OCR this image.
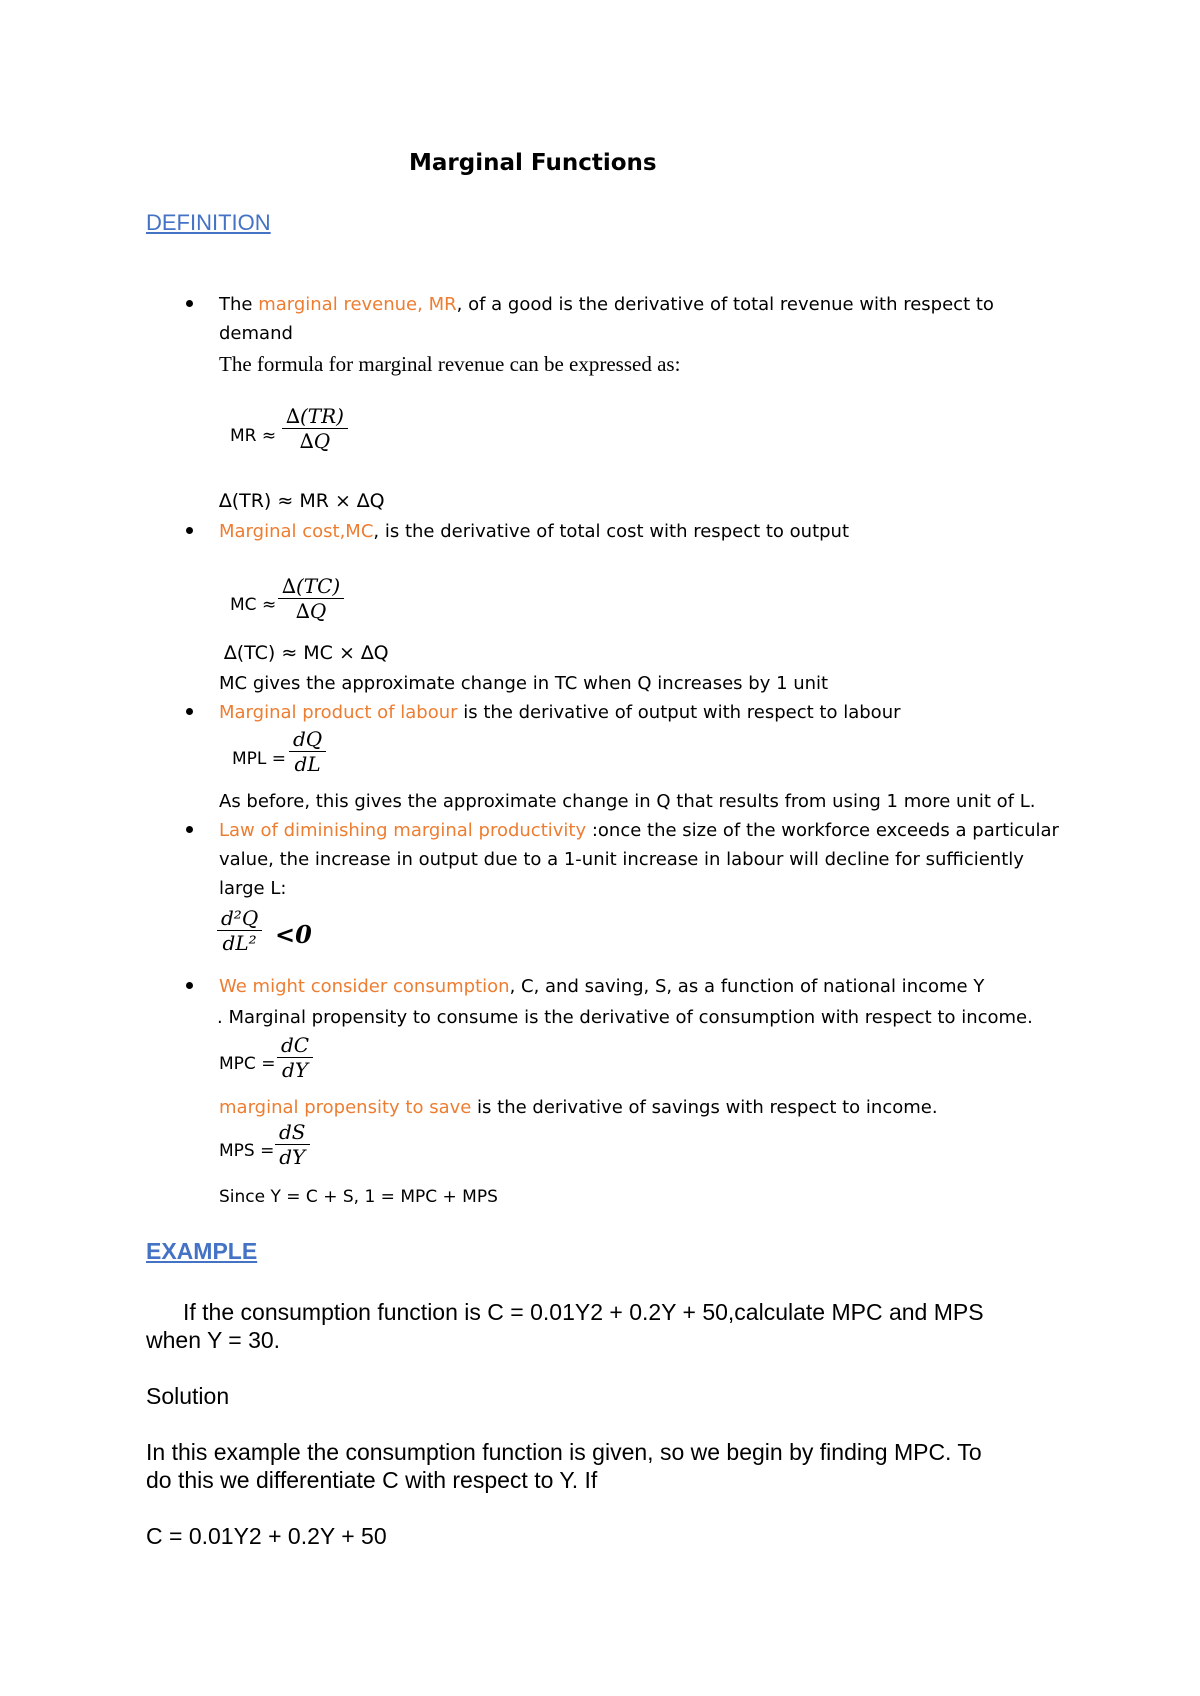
Marginal Functions
DEFINITION
The marginal revenue, MR, of a good is the derivative of total revenue with respect to
demand
The formula for marginal revenue can be expressed as:
MR ≈
∆(TR)
∆Q
∆(TR) ≈ MR × ∆Q
Marginal cost,MC, is the derivative of total cost with respect to output
MC ≈
∆(TC)
∆Q
∆(TC) ≈ MC × ∆Q
MC gives the approximate change in TC when Q increases by 1 unit
Marginal product of labour is the derivative of output with respect to labour
MPL =
dQ
dL
As before, this gives the approximate change in Q that results from using 1 more unit of L.
Law of diminishing marginal productivity :once the size of the workforce exceeds a particular
value, the increase in output due to a 1-unit increase in labour will decline for sufficiently
large L:
d²Q
dL² <0
We might consider consumption, C, and saving, S, as a function of national income Y
. Marginal propensity to consume is the derivative of consumption with respect to income.
MPC =
dC
dY
marginal propensity to save is the derivative of savings with respect to income.
MPS =
dS
dY
Since Y = C + S, 1 = MPC + MPS
EXAMPLE
If the consumption function is C = 0.01Y2 + 0.2Y + 50,calculate MPC and MPS
when Y = 30.
Solution
In this example the consumption function is given, so we begin by finding MPC. To
do this we differentiate C with respect to Y. If
C = 0.01Y2 + 0.2Y + 50
